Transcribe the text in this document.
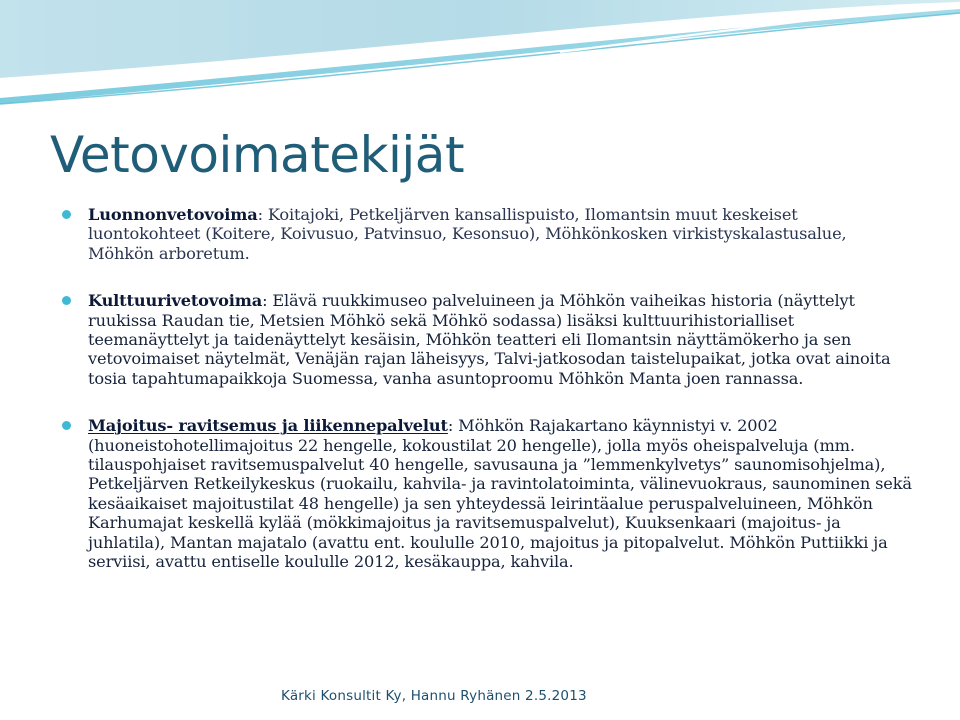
Vetovoimatekijät
Luonnonvetovoima: Koitajoki, Petkeljärven kansallispuisto, Ilomantsin muut keskeiset luontokohteet (Koitere, Koivusuo, Patvinsuo, Kesonsuo), Möhkönkosken virkistyskalastusalue, Möhkön arboretum.
Kulttuurivetovoima: Elävä ruukkimuseo palveluineen ja Möhkön vaiheikas historia (näyttelyt ruukissa Raudan tie, Metsien Möhkö sekä Möhkö sodassa) lisäksi kulttuurihistorialliset teemanäyttelyt ja taidenäyttelyt kesäisin, Möhkön teatteri eli Ilomantsin näyttämökerho ja sen vetovoimaiset näytelmät, Venäjän rajan läheisyys, Talvi-jatkosodan taistelupaikat, jotka ovat ainoita tosia tapahtumapaikkoja Suomessa, vanha asuntoproomu Möhkön Manta joen rannassa.
Majoitus- ravitsemus ja liikennepalvelut: Möhkön Rajakartano käynnistyi v. 2002 (huoneistohotellimajoitus 22 hengelle, kokoustilat 20 hengelle), jolla myös oheispalveluja (mm. tilauspohjaiset ravitsemuspalvelut 40 hengelle, savusauna ja ”lemmenkylvetys” saunomisohjelma), Petkeljärven Retkeilykeskus (ruokailu, kahvila- ja ravintolatoiminta, välinevuokraus, saunominen sekä kesäaikaiset majoitustilat 48 hengelle) ja sen yhteydessä leirintäalue peruspalveluineen, Möhkön Karhumajat keskellä kylää (mökkimajoitus ja ravitsemuspalvelut), Kuuksenkaari (majoitus- ja juhlatila), Mantan majatalo (avattu ent. koululle 2010, majoitus ja pitopalvelut. Möhkön Puttiikki ja serviisi, avattu entiselle koululle 2012, kesäkauppa, kahvila.
Kärki Konsultit Ky, Hannu Ryhänen 2.5.2013
